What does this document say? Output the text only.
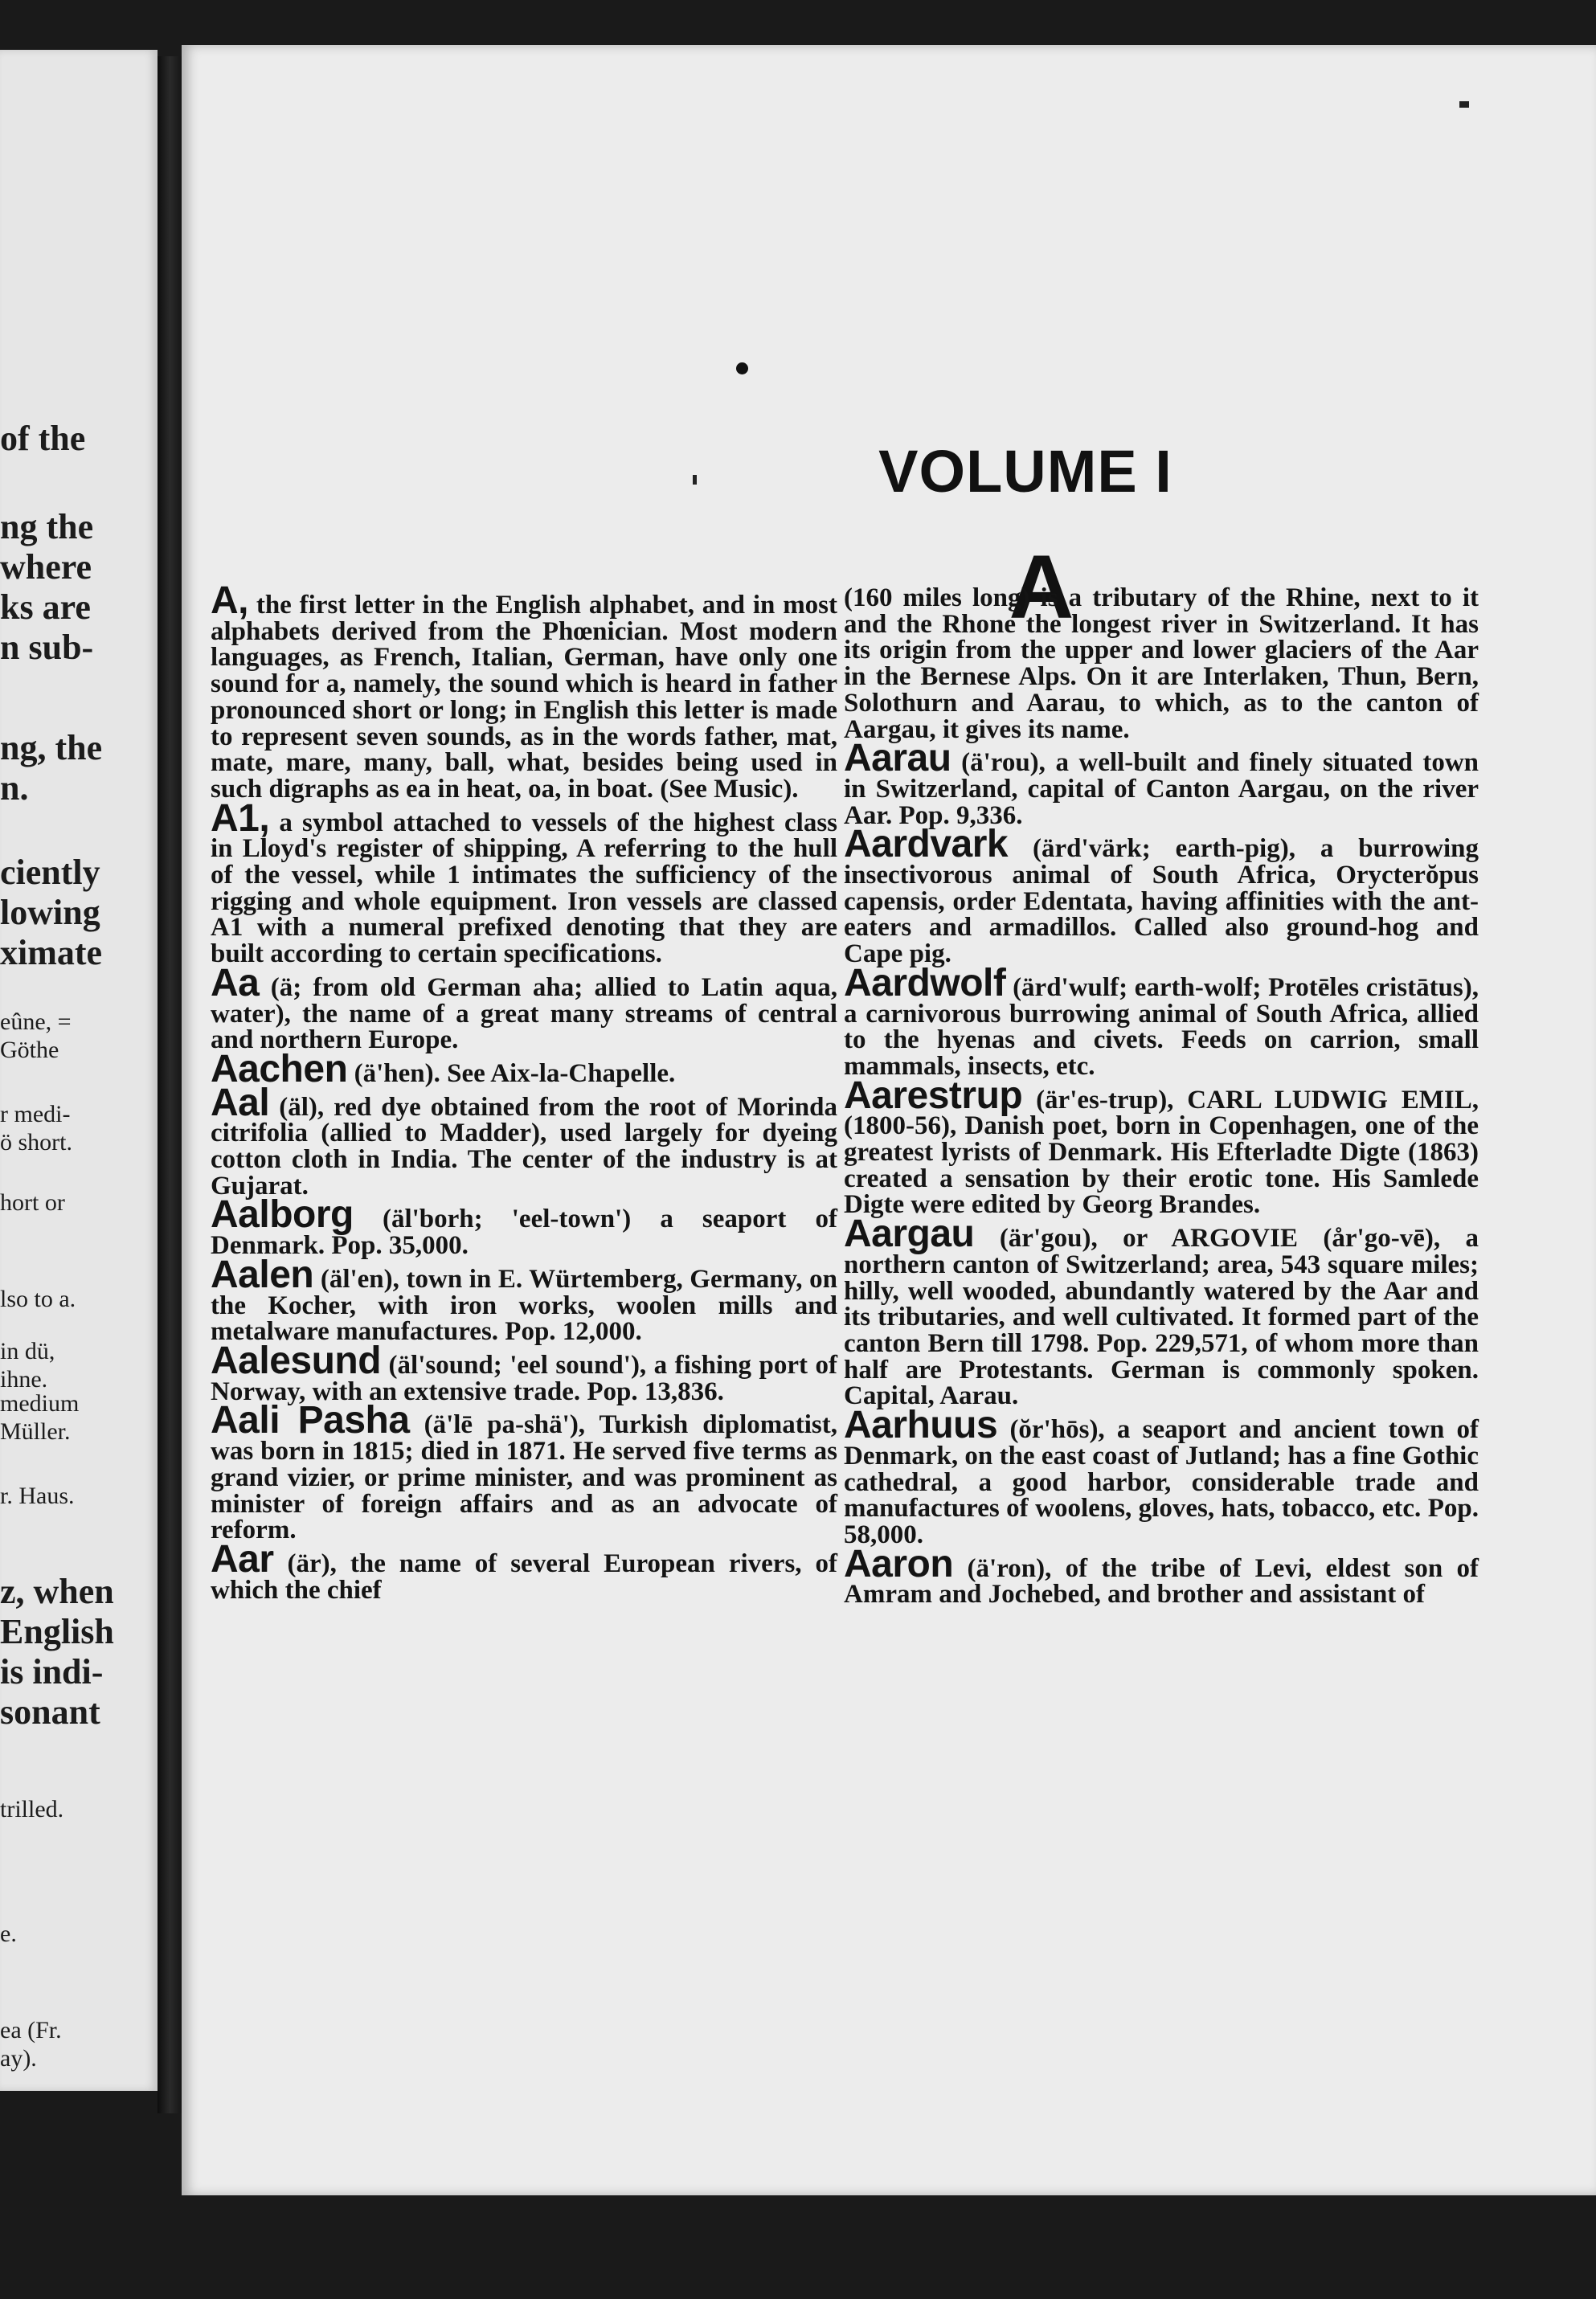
of the
ng the
where
ks are
n sub-
ng, the
n.
ciently
lowing
ximate
eûne, =
Göthe
r medi-
ö short.
hort or
lso to a.
in dü,
ihne.
medium
Müller.
r. Haus.
z, when
English
is indi-
sonant
trilled.
e.
ea (Fr.
ay).
VOLUME I
A

A, the first letter in the English alphabet, and in most alphabets derived from the Phœnician. Most modern languages, as French, Italian, German, have only one sound for a, namely, the sound which is heard in father pronounced short or long; in English this letter is made to represent seven sounds, as in the words father, mat, mate, mare, many, ball, what, besides being used in such digraphs as ea in heat, oa, in boat. (See Music).

A1, a symbol attached to vessels of the highest class in Lloyd's register of shipping, A referring to the hull of the vessel, while 1 intimates the sufficiency of the rigging and whole equipment. Iron vessels are classed A1 with a numeral prefixed denoting that they are built according to certain specifications.

Aa (ä; from old German aha; allied to Latin aqua, water), the name of a great many streams of central and northern Europe.

Aachen (ä'hen). See Aix-la-Chapelle.

Aal (äl), red dye obtained from the root of Morinda citrifolia (allied to Madder), used largely for dyeing cotton cloth in India. The center of the industry is at Gujarat.

Aalborg (äl'borh; 'eel-town') a seaport of Denmark. Pop. 35,000.

Aalen (äl'en), town in E. Würtemberg, Germany, on the Kocher, with iron works, woolen mills and metalware manufactures. Pop. 12,000.

Aalesund (äl'sound; 'eel sound'), a fishing port of Norway, with an extensive trade. Pop. 13,836.

Aali Pasha (ä'lē pa-shä'), Turkish diplomatist, was born in 1815; died in 1871. He served five terms as grand vizier, or prime minister, and was prominent as minister of foreign affairs and as an advocate of reform.

Aar (är), the name of several European rivers, of which the chief

(160 miles long) is a tributary of the Rhine, next to it and the Rhone the longest river in Switzerland. It has its origin from the upper and lower glaciers of the Aar in the Bernese Alps. On it are Interlaken, Thun, Bern, Solothurn and Aarau, to which, as to the canton of Aargau, it gives its name.

Aarau (ä'rou), a well-built and finely situated town in Switzerland, capital of Canton Aargau, on the river Aar. Pop. 9,336.

Aardvark (ärd'värk; earth-pig), a burrowing insectivorous animal of South Africa, Orycterŏpus capensis, order Edentata, having affinities with the ant-eaters and armadillos. Called also ground-hog and Cape pig.

Aardwolf (ärd'wulf; earth-wolf; Protēles cristātus), a carnivorous burrowing animal of South Africa, allied to the hyenas and civets. Feeds on carrion, small mammals, insects, etc.

Aarestrup (är'es-trup), CARL LUDWIG EMIL, (1800-56), Danish poet, born in Copenhagen, one of the greatest lyrists of Denmark. His Efterladte Digte (1863) created a sensation by their erotic tone. His Samlede Digte were edited by Georg Brandes.

Aargau (är'gou), or ARGOVIE (år'go-vē), a northern canton of Switzerland; area, 543 square miles; hilly, well wooded, abundantly watered by the Aar and its tributaries, and well cultivated. It formed part of the canton Bern till 1798. Pop. 229,571, of whom more than half are Protestants. German is commonly spoken. Capital, Aarau.

Aarhuus (ŏr'hōs), a seaport and ancient town of Denmark, on the east coast of Jutland; has a fine Gothic cathedral, a good harbor, considerable trade and manufactures of woolens, gloves, hats, tobacco, etc. Pop. 58,000.

Aaron (ä'ron), of the tribe of Levi, eldest son of Amram and Jochebed, and brother and assistant of
